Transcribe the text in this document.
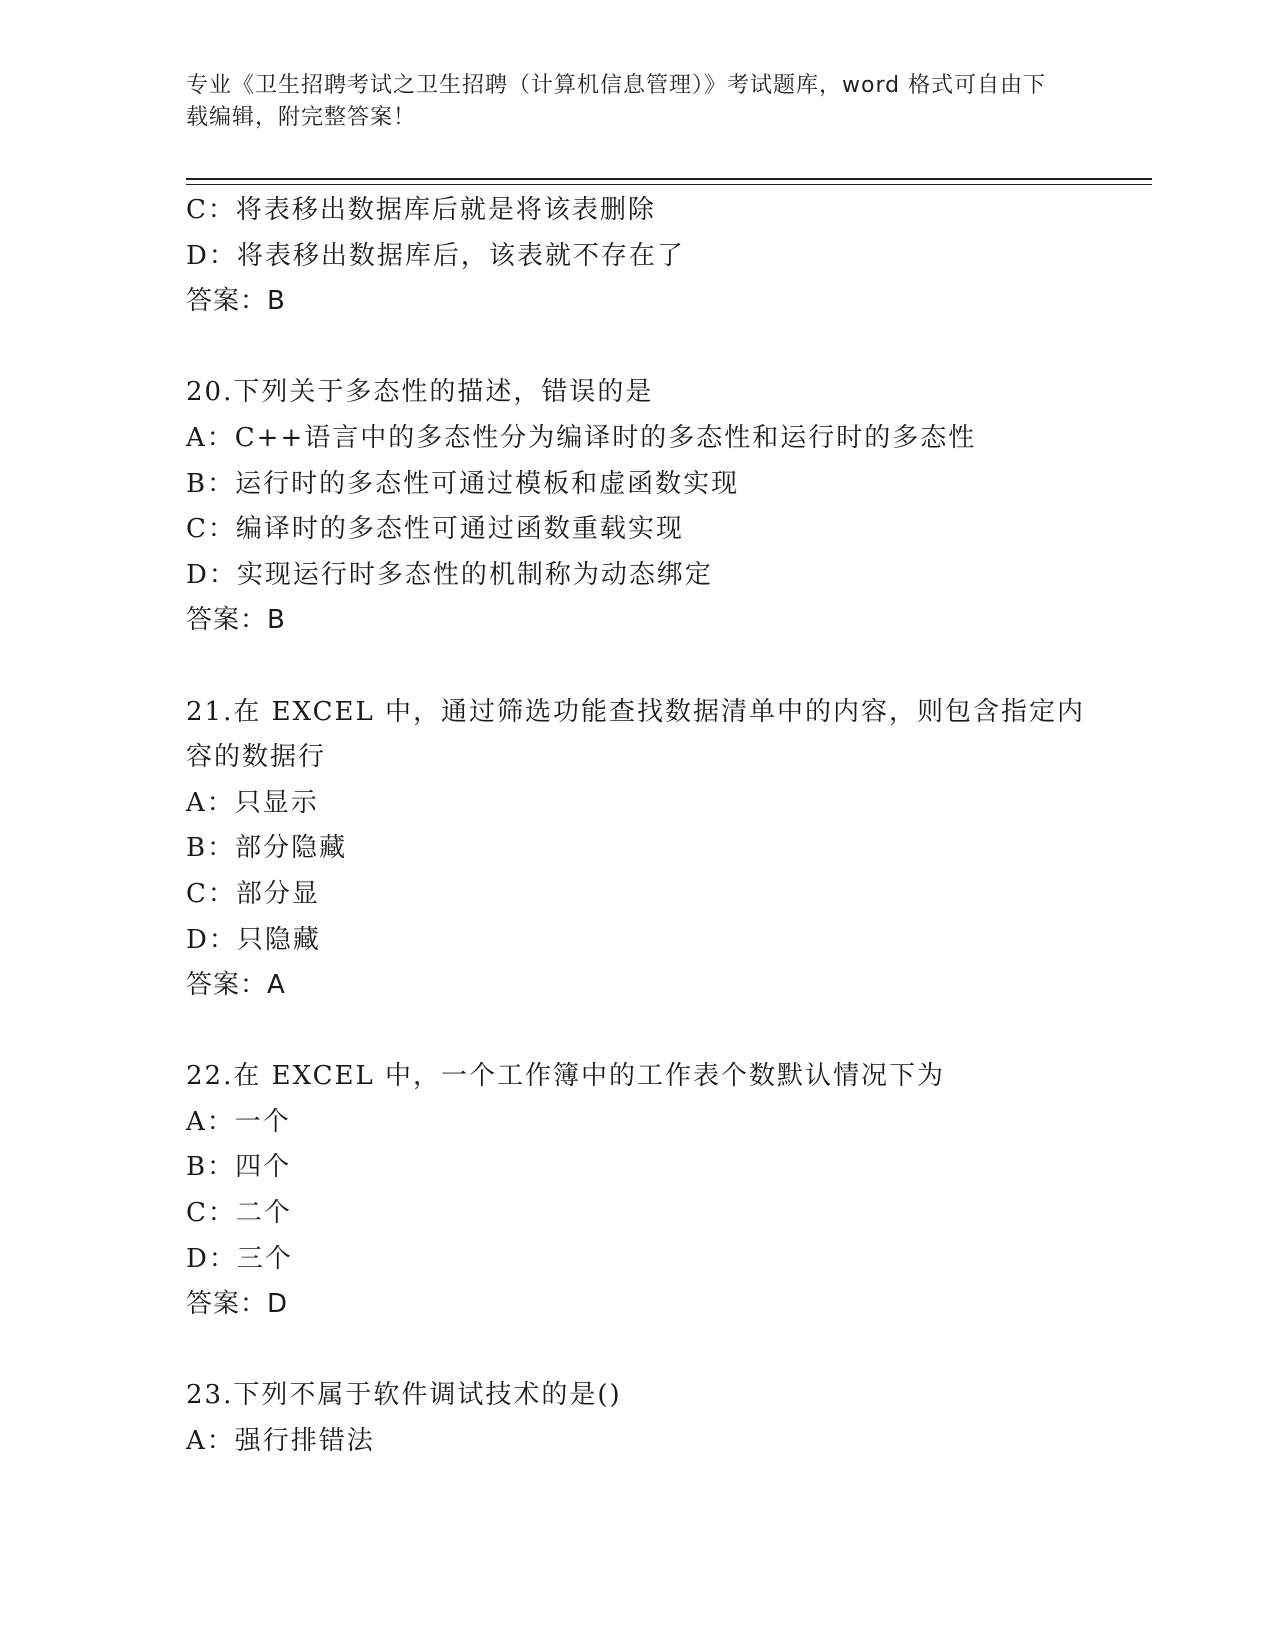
专业《卫生招聘考试之卫生招聘（计算机信息管理）》考试题库，word 格式可自由下载编辑，附完整答案！
C：将表移出数据库后就是将该表删除
D：将表移出数据库后，该表就不存在了
答案：B
20.下列关于多态性的描述，错误的是
A：C++语言中的多态性分为编译时的多态性和运行时的多态性
B：运行时的多态性可通过模板和虚函数实现
C：编译时的多态性可通过函数重载实现
D：实现运行时多态性的机制称为动态绑定
答案：B
21.在 EXCEL 中，通过筛选功能查找数据清单中的内容，则包含指定内
容的数据行
A：只显示
B：部分隐藏
C：部分显
D：只隐藏
答案：A
22.在 EXCEL 中，一个工作簿中的工作表个数默认情况下为
A：一个
B：四个
C：二个
D：三个
答案：D
23.下列不属于软件调试技术的是()
A：强行排错法
